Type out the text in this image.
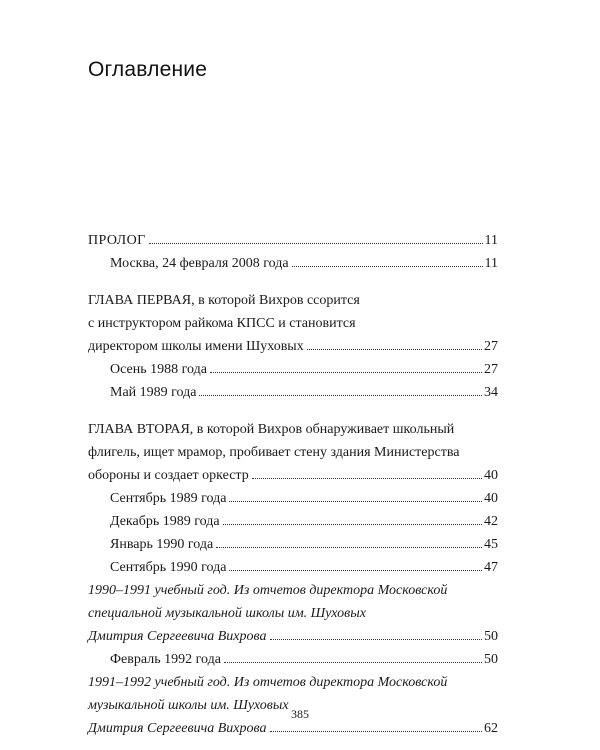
Оглавление
ПРОЛОГ	11
Москва, 24 февраля 2008 года	11
ГЛАВА ПЕРВАЯ, в которой Вихров ссорится
с инструктором райкома КПСС и становится
директором школы имени Шуховых	27
Осень 1988 года	27
Май 1989 года	34
ГЛАВА ВТОРАЯ, в которой Вихров обнаруживает школьный
флигель, ищет мрамор, пробивает стену здания Министерства
обороны и создает оркестр	40
Сентябрь 1989 года	40
Декабрь 1989 года	42
Январь 1990 года	45
Сентябрь 1990 года	47
1990–1991 учебный год. Из отчетов директора Московской
специальной музыкальной школы им. Шуховых
Дмитрия Сергеевича Вихрова	50
Февраль 1992 года	50
1991–1992 учебный год. Из отчетов директора Московской
музыкальной школы им. Шуховых
Дмитрия Сергеевича Вихрова	62
385
